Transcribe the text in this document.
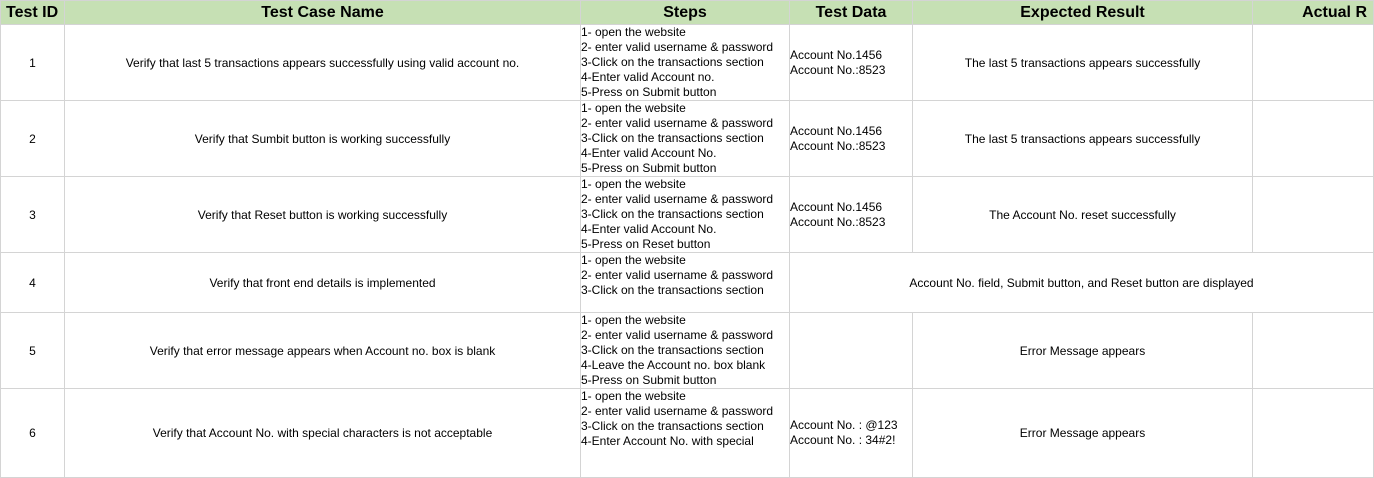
Test ID	Test Case Name	Steps	Test Data	Expected Result	Actual R
1	Verify that last 5 transactions appears successfully using valid account no.	1- open the website
2- enter valid username & password
3-Click on the transactions section
4-Enter valid Account no.
5-Press on Submit button	Account No.1456
Account No.:8523	The last 5 transactions appears successfully	
2	Verify that Sumbit button is working successfully	1- open the website
2- enter valid username & password
3-Click on the transactions section
4-Enter valid Account No.
5-Press on Submit button	Account No.1456
Account No.:8523	The last 5 transactions appears successfully	
3	Verify that Reset button is working successfully	1- open the website
2- enter valid username & password
3-Click on the transactions section
4-Enter valid Account No.
5-Press on Reset button	Account No.1456
Account No.:8523	The Account No. reset successfully	
4	Verify that front end details is implemented	1- open the website
2- enter valid username & password
3-Click on the transactions section	Account No. field, Submit button, and Reset button are displayed		
5	Verify that error message appears when Account no. box is blank	1- open the website
2- enter valid username & password
3-Click on the transactions section
4-Leave the Account no. box blank
5-Press on Submit button		Error Message appears	
6	Verify that Account No. with special characters is not acceptable	1- open the website
2- enter valid username & password
3-Click on the transactions section
4-Enter Account No. with special	Account No. : @123
Account No. : 34#2!	Error Message appears	
